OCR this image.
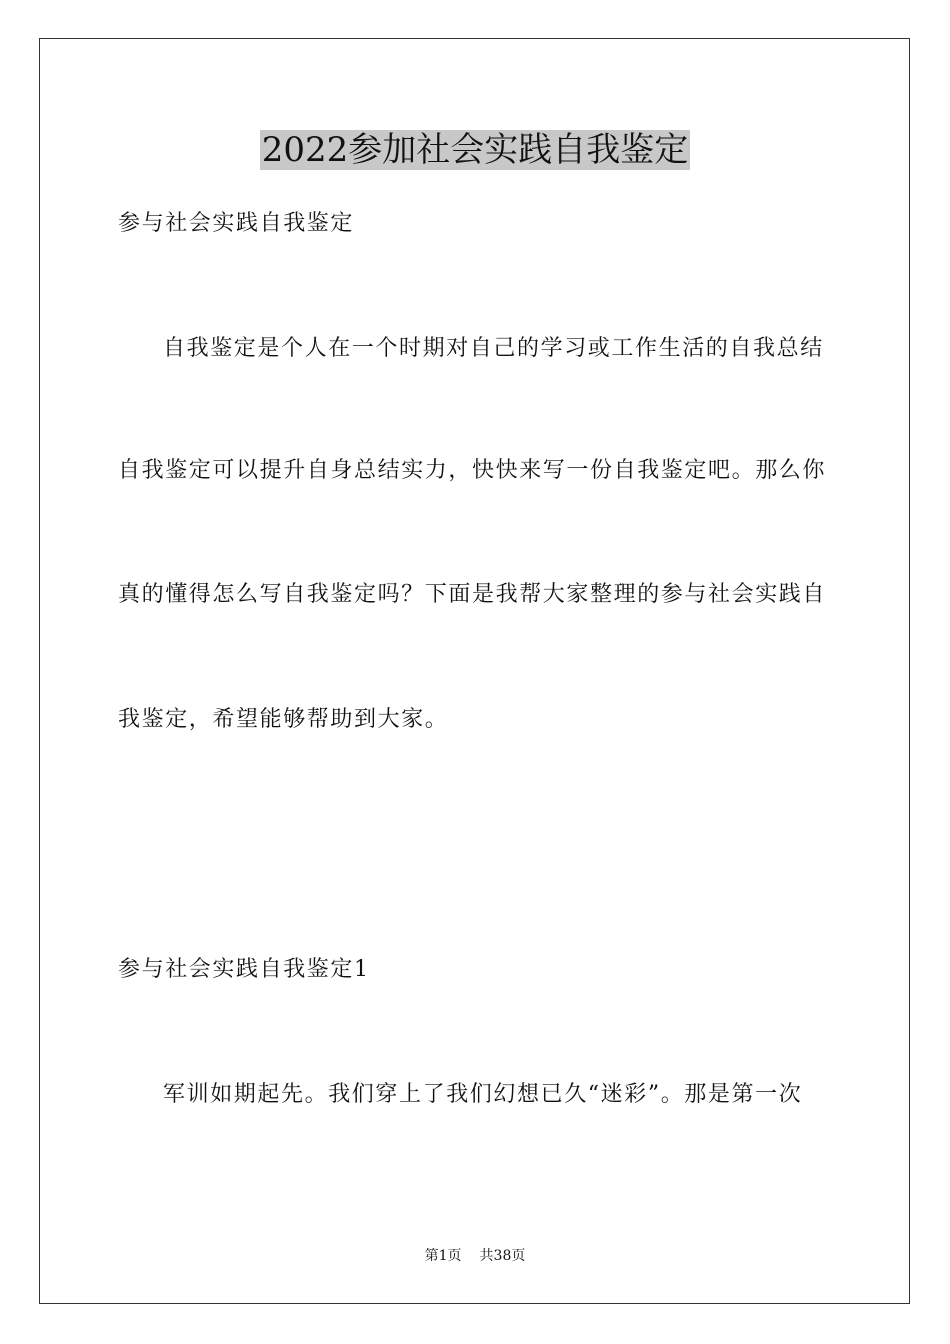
2022参加社会实践自我鉴定
参与社会实践自我鉴定
自我鉴定是个人在一个时期对自己的学习或工作生活的自我总结
自我鉴定可以提升自身总结实力，快快来写一份自我鉴定吧。那么你
真的懂得怎么写自我鉴定吗？下面是我帮大家整理的参与社会实践自
我鉴定，希望能够帮助到大家。
参与社会实践自我鉴定1
军训如期起先。我们穿上了我们幻想已久“迷彩”。那是第一次
第1页 共38页
